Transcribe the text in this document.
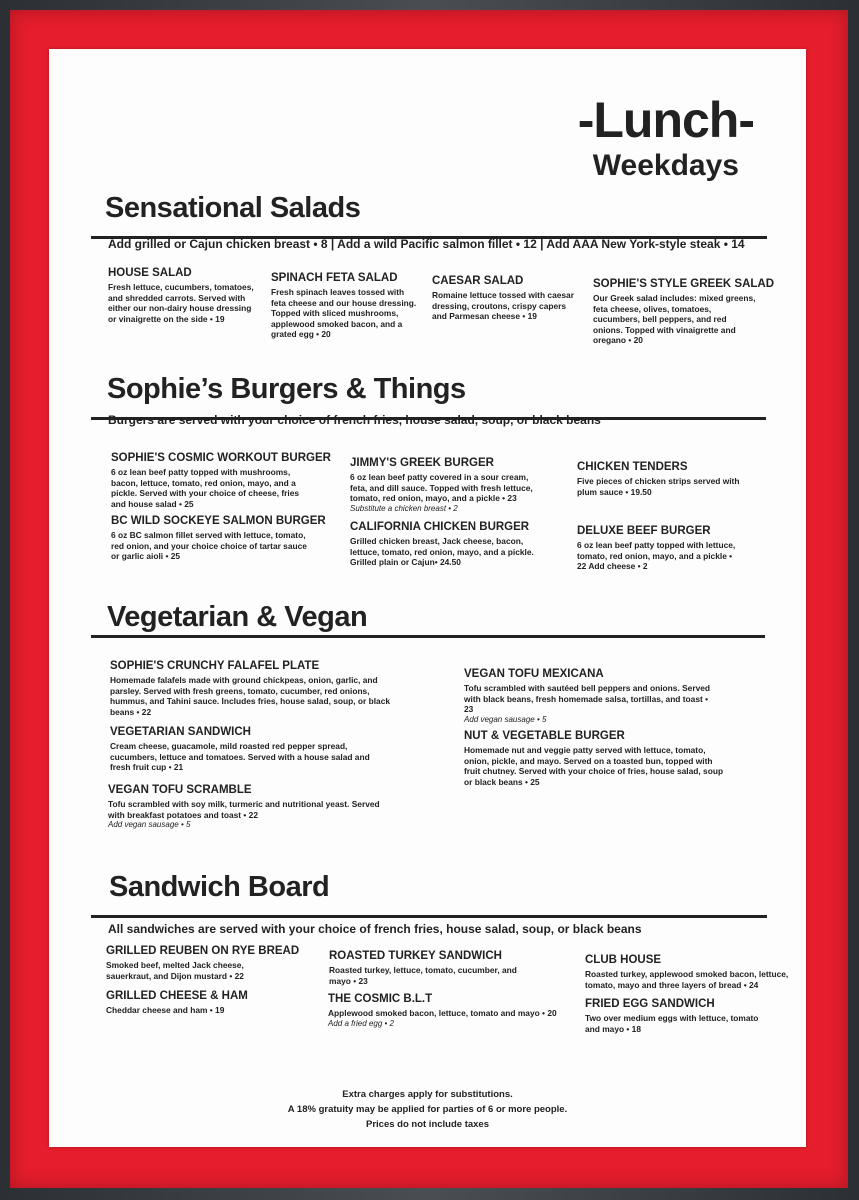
-Lunch-
Weekdays
Sensational Salads
Add grilled or Cajun chicken breast • 8 | Add a wild Pacific salmon fillet • 12 | Add AAA New York-style steak • 14
HOUSE SALAD
Fresh lettuce, cucumbers, tomatoes, and shredded carrots. Served with either our non-dairy house dressing or vinaigrette on the side • 19
SPINACH FETA SALAD
Fresh spinach leaves tossed with feta cheese and our house dressing. Topped with sliced mushrooms, applewood smoked bacon, and a grated egg • 20
CAESAR SALAD
Romaine lettuce tossed with caesar dressing, croutons, crispy capers and Parmesan cheese • 19
SOPHIE'S STYLE GREEK SALAD
Our Greek salad includes: mixed greens, feta cheese, olives, tomatoes, cucumbers, bell peppers, and red onions. Topped with vinaigrette and oregano • 20
Sophie’s Burgers & Things
Burgers are served with your choice of french fries, house salad, soup, or black beans
SOPHIE'S COSMIC WORKOUT BURGER
6 oz lean beef patty topped with mushrooms, bacon, lettuce, tomato, red onion, mayo, and a pickle. Served with your choice of cheese, fries and house salad • 25
BC WILD SOCKEYE SALMON BURGER
6 oz BC salmon fillet served with lettuce, tomato, red onion, and your choice choice of tartar sauce or garlic aioli • 25
JIMMY'S GREEK BURGER
6 oz lean beef patty covered in a sour cream, feta, and dill sauce. Topped with fresh lettuce, tomato, red onion, mayo, and a pickle • 23
Substitute a chicken breast • 2
CALIFORNIA CHICKEN BURGER
Grilled chicken breast, Jack cheese, bacon, lettuce, tomato, red onion, mayo, and a pickle. Grilled plain or Cajun• 24.50
CHICKEN TENDERS
Five pieces of chicken strips served with plum sauce • 19.50
DELUXE BEEF BURGER
6 oz lean beef patty topped with lettuce, tomato, red onion, mayo, and a pickle • 22 Add cheese • 2
Vegetarian & Vegan
SOPHIE'S CRUNCHY FALAFEL PLATE
Homemade falafels made with ground chickpeas, onion, garlic, and parsley. Served with fresh greens, tomato, cucumber, red onions, hummus, and Tahini sauce. Includes fries, house salad, soup, or black beans • 22
VEGETARIAN SANDWICH
Cream cheese, guacamole, mild roasted red pepper spread, cucumbers, lettuce and tomatoes. Served with a house salad and fresh fruit cup • 21
VEGAN TOFU SCRAMBLE
Tofu scrambled with soy milk, turmeric and nutritional yeast. Served with breakfast potatoes and toast • 22
Add vegan sausage • 5
VEGAN TOFU MEXICANA
Tofu scrambled with sautéed bell peppers and onions. Served with black beans, fresh homemade salsa, tortillas, and toast • 23
Add vegan sausage • 5
NUT & VEGETABLE BURGER
Homemade nut and veggie patty served with lettuce, tomato, onion, pickle, and mayo. Served on a toasted bun, topped with fruit chutney. Served with your choice of fries, house salad, soup or black beans • 25
Sandwich Board
All sandwiches are served with your choice of french fries, house salad, soup, or black beans
GRILLED REUBEN ON RYE BREAD
Smoked beef, melted Jack cheese, sauerkraut, and Dijon mustard • 22
GRILLED CHEESE & HAM
Cheddar cheese and ham • 19
ROASTED TURKEY SANDWICH
Roasted turkey, lettuce, tomato, cucumber, and mayo • 23
THE COSMIC B.L.T
Applewood smoked bacon, lettuce, tomato and mayo • 20
Add a fried egg • 2
CLUB HOUSE
Roasted turkey, applewood smoked bacon, lettuce, tomato, mayo and three layers of bread • 24
FRIED EGG SANDWICH
Two over medium eggs with lettuce, tomato and mayo • 18
Extra charges apply for substitutions.
A 18% gratuity may be applied for parties of 6 or more people.
Prices do not include taxes
